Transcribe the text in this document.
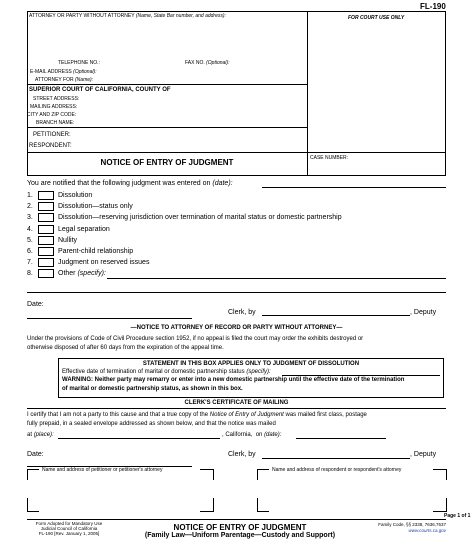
FL-190
ATTORNEY OR PARTY WITHOUT ATTORNEY (Name, State Bar number, and address):	FOR COURT USE ONLY
TELEPHONE NO.:	FAX NO. (Optional):
E-MAIL ADDRESS (Optional):
ATTORNEY FOR (Name):
SUPERIOR COURT OF CALIFORNIA, COUNTY OF
STREET ADDRESS:
MAILING ADDRESS:
CITY AND ZIP CODE:
BRANCH NAME:
PETITIONER:
RESPONDENT:
NOTICE OF ENTRY OF JUDGMENT	CASE NUMBER:
You are notified that the following judgment was entered on (date):
1.	Dissolution
2.	Dissolution—status only
3.	Dissolution—reserving jurisdiction over termination of marital status or domestic partnership
4.	Legal separation
5.	Nullity
6.	Parent-child relationship
7.	Judgment on reserved issues
8.	Other (specify):
Date:
Clerk, by	, Deputy
—NOTICE TO ATTORNEY OF RECORD OR PARTY WITHOUT ATTORNEY—
Under the provisions of Code of Civil Procedure section 1952, if no appeal is filed the court may order the exhibits destroyed or
otherwise disposed of after 60 days from the expiration of the appeal time.
STATEMENT IN THIS BOX APPLIES ONLY TO JUDGMENT OF DISSOLUTION
Effective date of termination of marital or domestic partnership status (specify):
WARNING: Neither party may remarry or enter into a new domestic partnership until the effective date of the termination
of marital or domestic partnership status, as shown in this box.
CLERK'S CERTIFICATE OF MAILING
I certify that I am not a party to this cause and that a true copy of the Notice of Entry of Judgment was mailed first class, postage
fully prepaid, in a sealed envelope addressed as shown below, and that the notice was mailed
at (place):	, California, on (date):
Date:	Clerk, by	, Deputy
Name and address of petitioner or petitioner's attorney	Name and address of respondent or respondent's attorney
Page 1 of 1
Form Adopted for Mandatory Use
Judicial Council of California
FL-190 [Rev. January 1, 2005]
NOTICE OF ENTRY OF JUDGMENT
(Family Law—Uniform Parentage—Custody and Support)
Family Code, §§ 2338, 7636,7637
www.courts.ca.gov
